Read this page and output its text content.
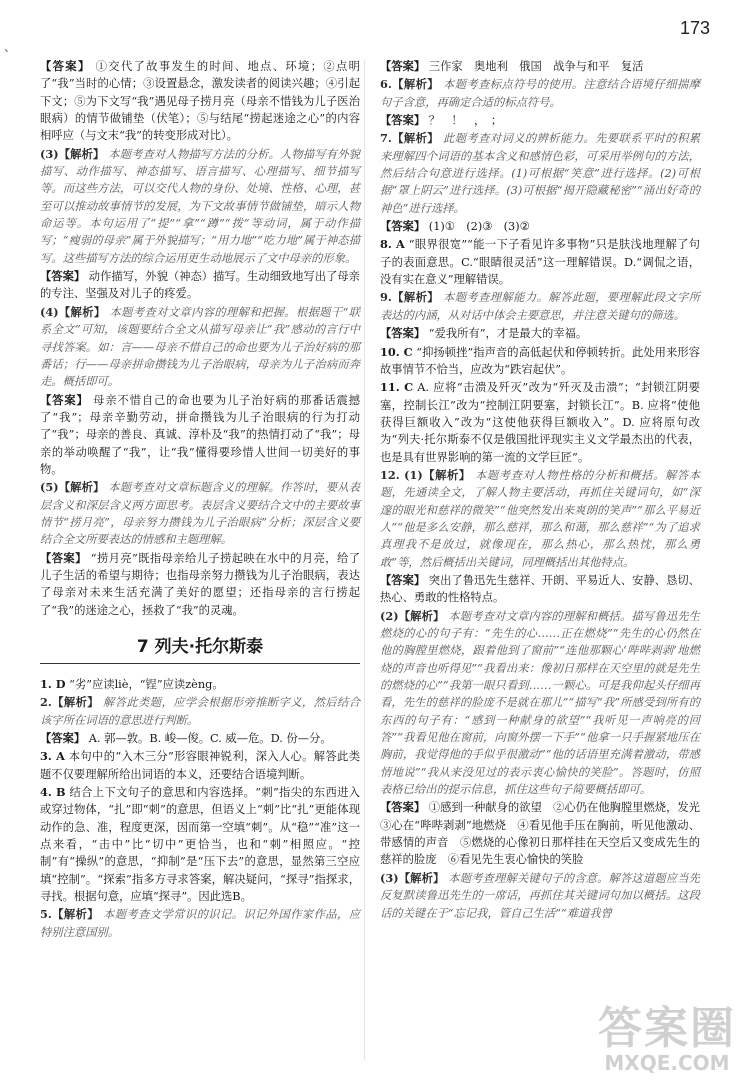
173
、

【答案】 ①交代了故事发生的时间、地点、环境；②点明了“我”当时的心情；③设置悬念，激发读者的阅读兴趣；④引起下文；⑤为下文写“我”遇见母子捞月亮（母亲不惜钱为儿子医治眼病）的情节做铺垫（伏笔）；⑤与结尾“捞起迷途之心”的内容相呼应（与文末“我”的转变形成对比）。

(3)【解析】 本题考查对人物描写方法的分析。人物描写有外貌描写、动作描写、神态描写、语言描写、心理描写、细节描写等。而这些方法，可以交代人物的身份、处境、性格、心理，甚至可以推动故事情节的发展，为下文故事情节做铺垫，暗示人物命运等。本句运用了“提”“拿”“蹲”“拨”等动词，属于动作描写；“瘦弱的母亲”属于外貌描写；“用力地”“吃力地”属于神态描写。这些描写方法的综合运用更生动地展示了文中母亲的形象。

【答案】 动作描写，外貌（神态）描写。生动细致地写出了母亲的专注、坚强及对儿子的疼爱。

(4)【解析】 本题考查对文章内容的理解和把握。根据题干“联系全文”可知，该题要结合全文从描写母亲让“我”感动的言行中寻找答案。如：言——母亲不惜自己的命也要为儿子治好病的那番话；行——母亲拼命攒钱为儿子治眼病，母亲为儿子治病而奔走。概括即可。

【答案】 母亲不惜自己的命也要为儿子治好病的那番话震撼了“我”；母亲辛勤劳动，拼命攒钱为儿子治眼病的行为打动了“我”；母亲的善良、真诚、淳朴及“我”的热情打动了“我”；母亲的举动唤醒了“我”，让“我”懂得要珍惜人世间一切美好的事物。

(5)【解析】 本题考查对文章标题含义的理解。作答时，要从表层含义和深层含义两方面思考。表层含义要结合文中的主要故事情节“捞月亮”，母亲努力攒钱为儿子治眼病”分析；深层含义要结合全文所要表达的情感和主题理解。

【答案】 “捞月亮”既指母亲给儿子捞起映在水中的月亮，给了儿子生活的希望与期待；也指母亲努力攒钱为儿子治眼病，表达了母亲对未来生活充满了美好的愿望；还指母亲的言行捞起了“我”的迷途之心，拯救了“我”的灵魂。

7 列夫·托尔斯泰

1. D “劣”应读liè，“锃”应读zèng。

2.【解析】 解答此类题，应学会根据形旁推断字义，然后结合该字所在词语的意思进行判断。

【答案】 A. 郭—敦。B. 峻—俊。C. 威—危。D. 份—分。

3. A 本句中的“入木三分”形容眼神锐利，深入人心。解答此类题不仅要理解所给出词语的本义，还要结合语境判断。

4. B 结合上下文句子的意思和内容选择。“刺”指尖的东西进入或穿过物体，“扎”即“刺”的意思，但语义上“刺”比“扎”更能体现动作的急、准，程度更深，因而第一空填“刺”。从“稳”“准”这一点来看，“击中”比“切中”更恰当，也和“刺”相照应。“控制”有“操纵”的意思，“抑制”是“压下去”的意思，显然第三空应填“控制”。“探索”指多方寻求答案，解决疑问，“探寻”指探求，寻找。根据句意，应填“探寻”。因此选B。

5.【解析】 本题考查文学常识的识记。识记外国作家作品，应特别注意国别。

【答案】 三作家　奥地利　俄国　战争与和平　复活

6.【解析】 本题考查标点符号的使用。注意结合语境仔细揣摩句子含意，再确定合适的标点符号。

【答案】 ？　！　，　；

7.【解析】 此题考查对词义的辨析能力。先要联系平时的积累来理解四个词语的基本含义和感情色彩，可采用举例句的方法，然后结合句意进行选择。(1)可根据“笑意”进行选择。(2)可根据“罩上阴云”进行选择。(3)可根据“揭开隐藏秘密”“涌出好奇的神色”进行选择。

【答案】 (1)①　(2)③　(3)②

8. A “眼界很宽”“能一下子看见许多事物”只是肤浅地理解了句子的表面意思。C.“眼睛很灵活”这一理解错误。D.“调侃之语，没有实在意义”理解错误。

9.【解析】 本题考查理解能力。解答此题，要理解此段文字所表达的内涵，从对话中体会主要意思，并注意关键句的筛选。

【答案】 “爱我所有”，才是最大的幸福。

10. C “抑扬顿挫”指声音的高低起伏和停顿转折。此处用来形容故事情节不恰当，应改为“跌宕起伏”。

11. C A. 应将“击溃及歼灭”改为“歼灭及击溃”；“封锁江阴要塞，控制长江”改为“控制江阴要塞，封锁长江”。B. 应将“使他获得巨额收入”改为“这使他获得巨额收入”。D. 应将原句改为“列夫·托尔斯泰不仅是俄国批评现实主义文学最杰出的代表，也是具有世界影响的第一流的文学巨匠”。

12. (1)【解析】 本题考查对人物性格的分析和概括。解答本题，先通读全文，了解人物主要活动，再抓住关键词句，如“深邃的眼光和慈祥的微笑”“他突然发出来爽朗的笑声”“那么平易近人”“他是多么安静，那么慈祥，那么和蔼，那么慈祥”“为了追求真理我不是放过，就像现在，那么热心，那么热忱，那么勇敢”等，然后概括出关键词，同理概括出其他特点。

【答案】 突出了鲁迅先生慈祥、开朗、平易近人、安静、恳切、热心、勇敢的性格特点。

(2)【解析】 本题考查对文章内容的理解和概括。描写鲁迅先生燃烧的心的句子有：“先生的心……正在燃烧”“先生的心仍然在他的胸膛里燃烧，跟着他到了窗前”“连他那颗心‘哔哔剥剥’地燃烧的声音也听得见”“我看出来：像初日那样在天空里的就是先生的燃烧的心”“我第一眼只看到……一颗心。可是我仰起头仔细再看，先生的慈祥的脸庞不是就在那儿”“描写“我”所感受到所有的东西的句子有：“感到一种献身的欲望”“我听见一声响亮的回答”“我看见他在窗前，向窗外摆一下手”“他拿一只手握紧地压在胸前，我觉得他的手似乎很激动”“他的话语里充满着激动，带感情地说”“我从来没见过的表示衷心愉快的笑脸”。答题时，仿照表格已给出的提示信息，抓住这些句子简要概括即可。

【答案】 ①感到一种献身的欲望　②心仍在他胸膛里燃烧，发光　③心在“哔哔剥剥”地燃烧　④看见他手压在胸前，听见他激动、带感情的声音　⑤燃烧的心像初日那样挂在天空后又变成先生的慈祥的脸庞　⑥看见先生衷心愉快的笑脸

(3)【解析】 本题考查理解关键句子的含意。解答这道题应当先反复默读鲁迅先生的一席话，再抓住其关键词句加以概括。这段话的关键在于“忘记我，管自己生活”“难道我曾

答案圈
MXQE.COM
